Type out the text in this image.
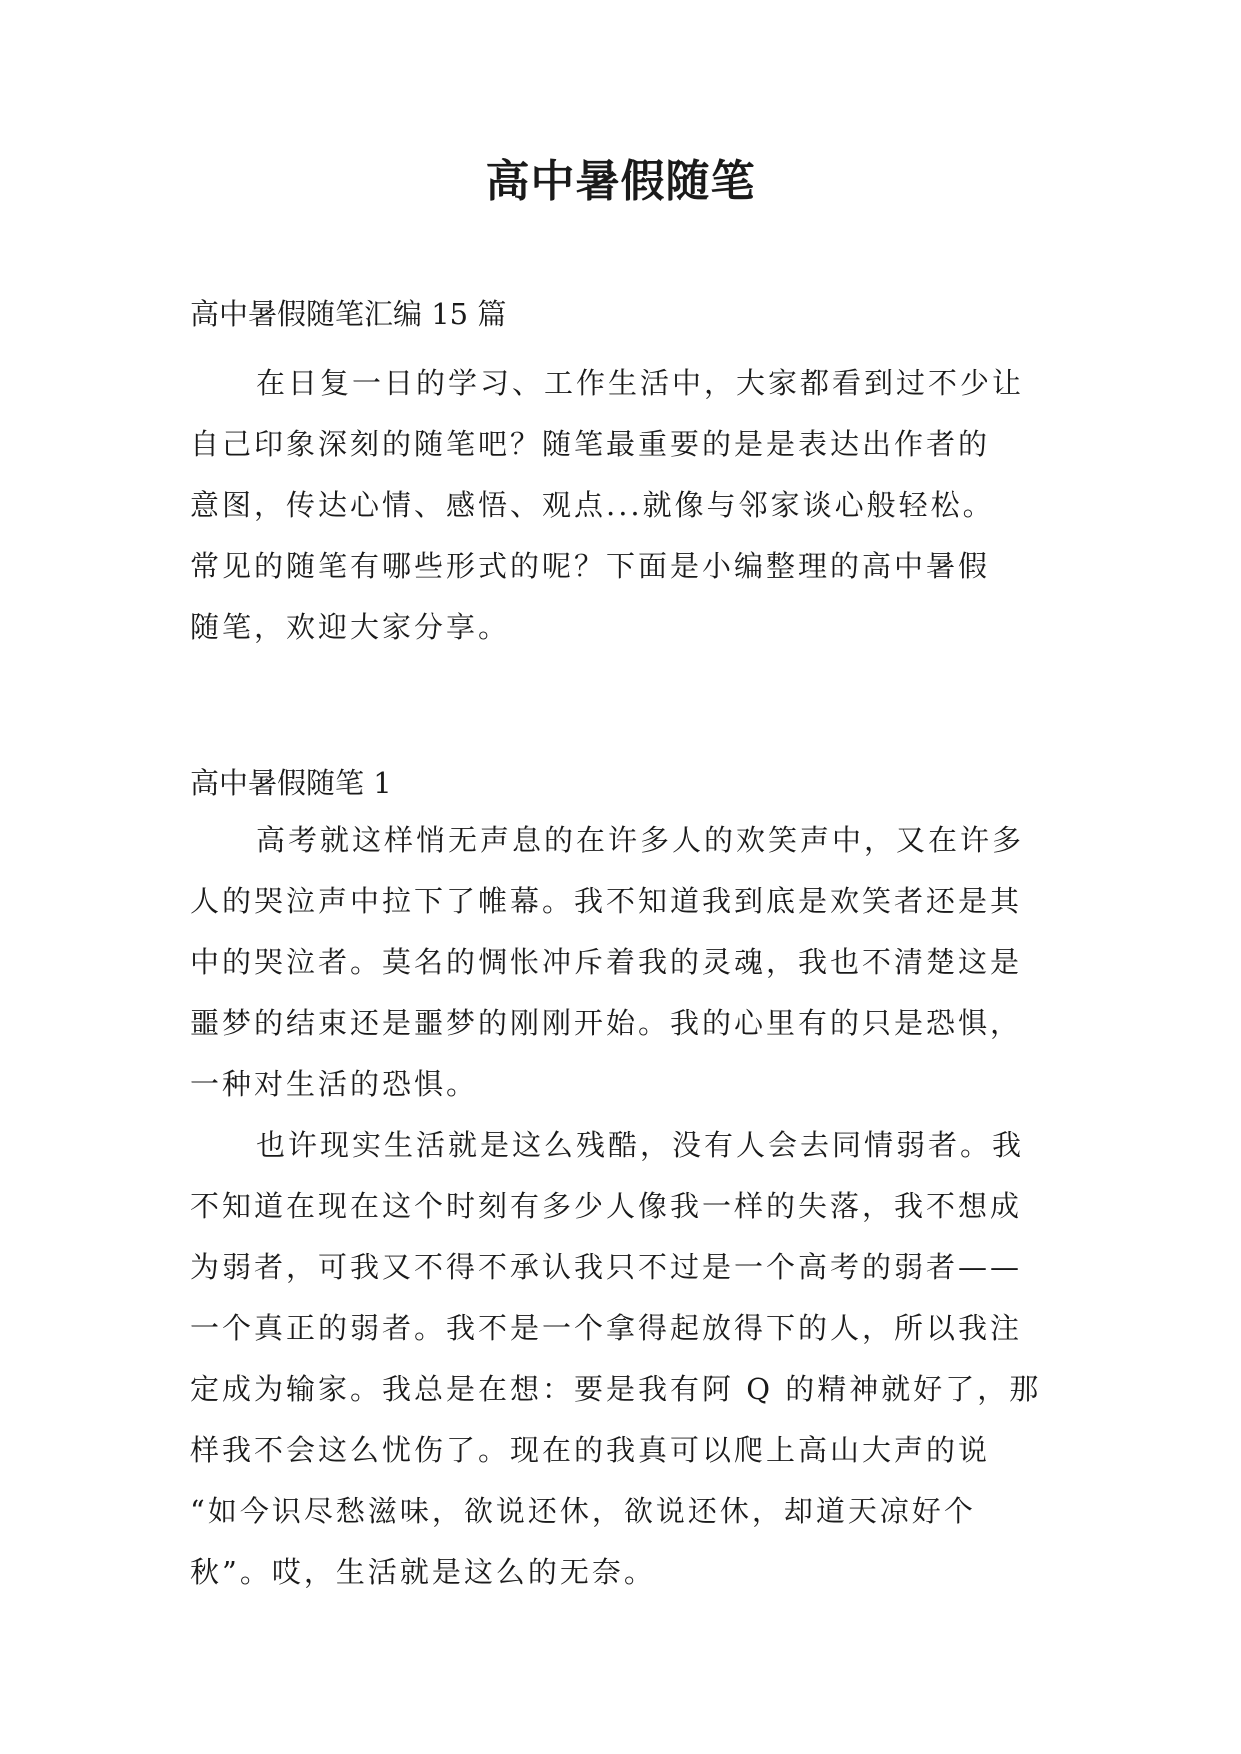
高中暑假随笔

高中暑假随笔汇编 15 篇

在日复一日的学习、工作生活中，大家都看到过不少让
自己印象深刻的随笔吧？随笔最重要的是是表达出作者的
意图，传达心情、感悟、观点...就像与邻家谈心般轻松。
常见的随笔有哪些形式的呢？下面是小编整理的高中暑假
随笔，欢迎大家分享。

高中暑假随笔 1

高考就这样悄无声息的在许多人的欢笑声中，又在许多
人的哭泣声中拉下了帷幕。我不知道我到底是欢笑者还是其
中的哭泣者。莫名的惆怅冲斥着我的灵魂，我也不清楚这是
噩梦的结束还是噩梦的刚刚开始。我的心里有的只是恐惧，
一种对生活的恐惧。
也许现实生活就是这么残酷，没有人会去同情弱者。我
不知道在现在这个时刻有多少人像我一样的失落，我不想成
为弱者，可我又不得不承认我只不过是一个高考的弱者——
一个真正的弱者。我不是一个拿得起放得下的人，所以我注
定成为输家。我总是在想：要是我有阿 Q 的精神就好了，那
样我不会这么忧伤了。现在的我真可以爬上高山大声的说
“如今识尽愁滋味，欲说还休，欲说还休，却道天凉好个
秋”。哎，生活就是这么的无奈。
